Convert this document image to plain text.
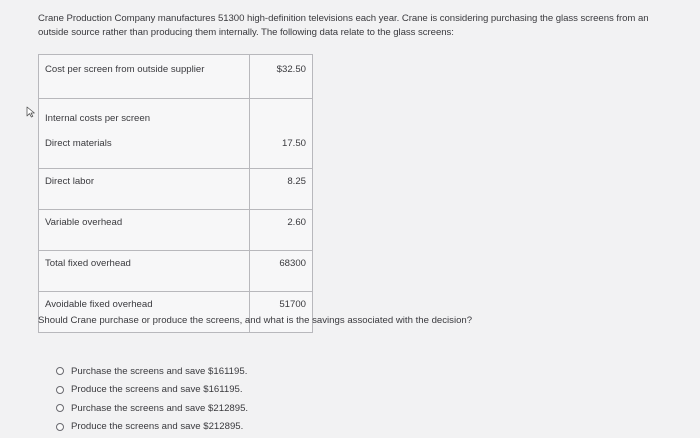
Crane Production Company manufactures 51300 high-definition televisions each year. Crane is considering purchasing the glass screens from an outside source rather than producing them internally. The following data relate to the glass screens:
Cost per screen from outside supplier	$32.50
Internal costs per screen	
Direct materials	17.50
Direct labor	8.25
Variable overhead	2.60
Total fixed overhead	68300
Avoidable fixed overhead	51700
Should Crane purchase or produce the screens, and what is the savings associated with the decision?
Purchase the screens and save $161195.
Produce the screens and save $161195.
Purchase the screens and save $212895.
Produce the screens and save $212895.
